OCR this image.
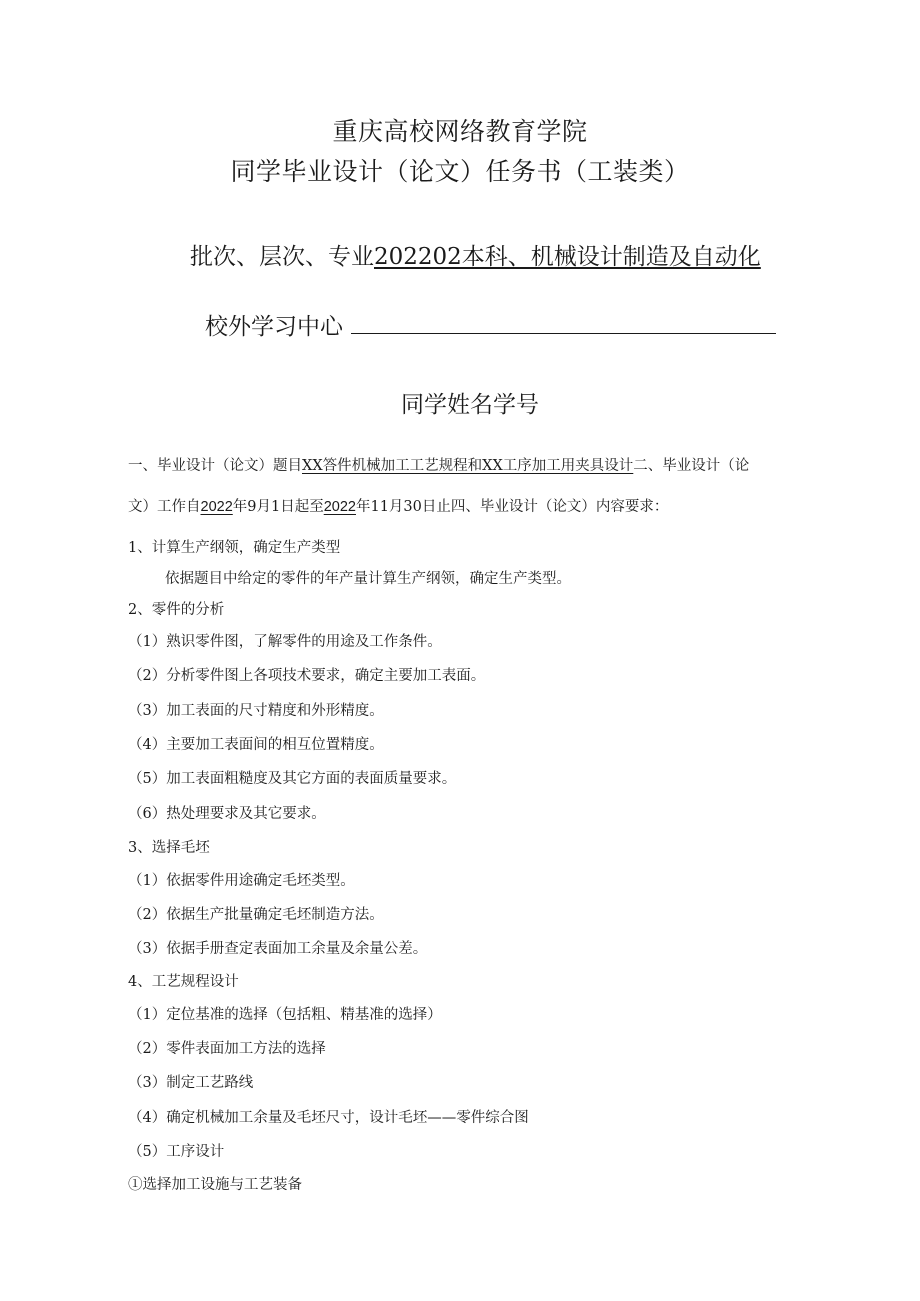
重庆高校网络教育学院
同学毕业设计（论文）任务书（工装类）
批次、层次、专业202202本科、机械设计制造及自动化
校外学习中心
同学姓名学号
一、毕业设计（论文）题目XX答件机械加工工艺规程和XX工序加工用夹具设计二、毕业设计（论
文）工作自2022年9月1日起至2022年11月30日止四、毕业设计（论文）内容要求：
1、计算生产纲领，确定生产类型
依据题目中给定的零件的年产量计算生产纲领，确定生产类型。
2、零件的分析
（1）熟识零件图，了解零件的用途及工作条件。
（2）分析零件图上各项技术要求，确定主要加工表面。
（3）加工表面的尺寸精度和外形精度。
（4）主要加工表面间的相互位置精度。
（5）加工表面粗糙度及其它方面的表面质量要求。
（6）热处理要求及其它要求。
3、选择毛坯
（1）依据零件用途确定毛坯类型。
（2）依据生产批量确定毛坯制造方法。
（3）依据手册查定表面加工余量及余量公差。
4、工艺规程设计
（1）定位基准的选择（包括粗、精基准的选择）
（2）零件表面加工方法的选择
（3）制定工艺路线
（4）确定机械加工余量及毛坯尺寸，设计毛坯——零件综合图
（5）工序设计
①选择加工设施与工艺装备
